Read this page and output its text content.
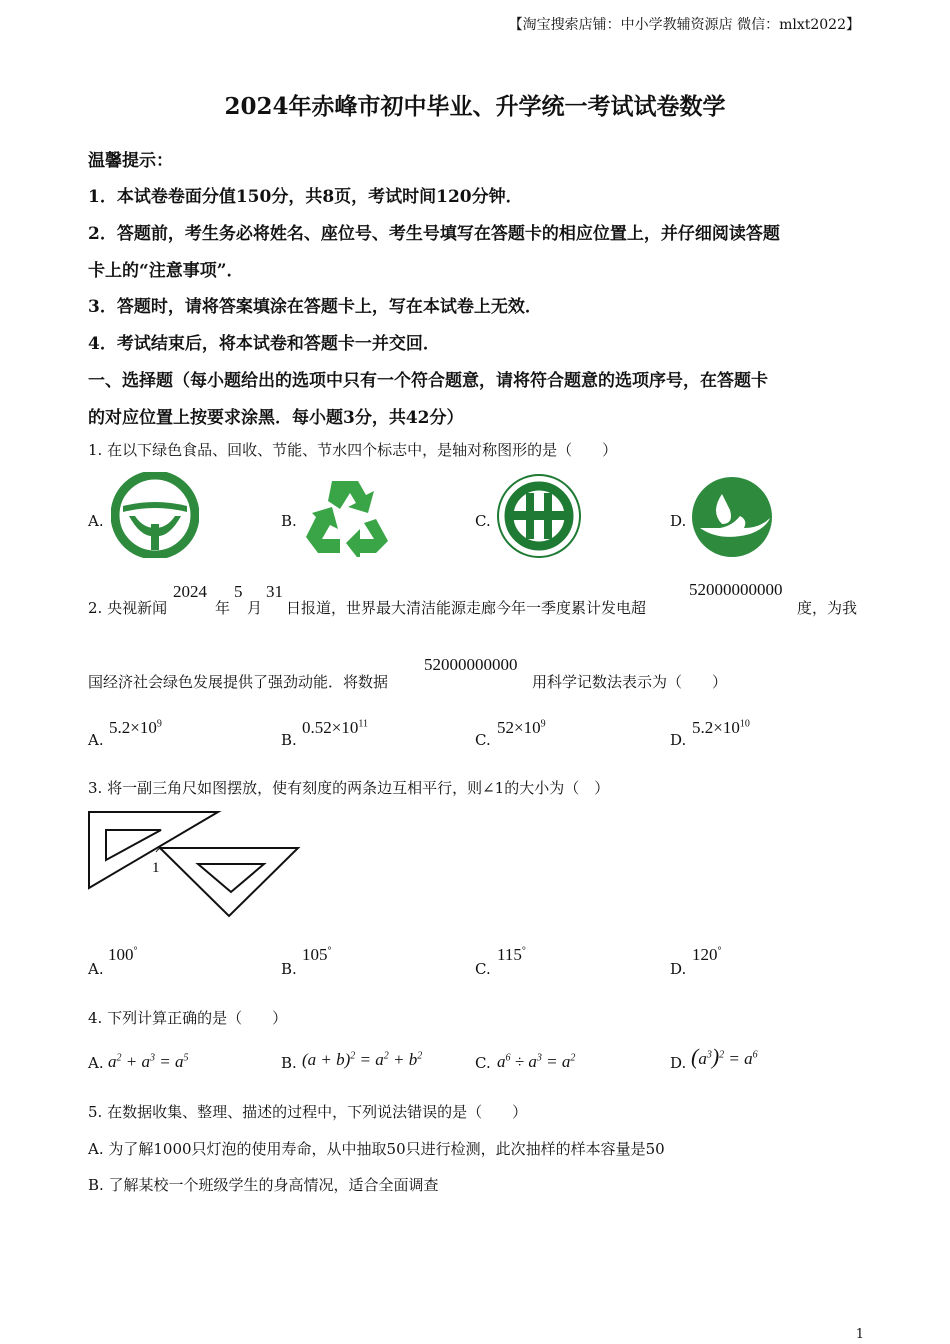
【淘宝搜索店铺：中小学教辅资源店 微信：mlxt2022】
2024年赤峰市初中毕业、升学统一考试试卷数学
温馨提示：
1．本试卷卷面分值150分，共8页，考试时间120分钟．
2．答题前，考生务必将姓名、座位号、考生号填写在答题卡的相应位置上，并仔细阅读答题
卡上的“注意事项”．
3．答题时，请将答案填涂在答题卡上，写在本试卷上无效．
4．考试结束后，将本试卷和答题卡一并交回．
一、选择题（每小题给出的选项中只有一个符合题意，请将符合题意的选项序号，在答题卡
的对应位置上按要求涂黑．每小题3分，共42分）
1. 在以下绿色食品、回收、节能、节水四个标志中，是轴对称图形的是（　　）
A.	B.	C.	D.
2. 央视新闻
2024
年
5
月
31
日报道，世界最大清洁能源走廊今年一季度累计发电超
52000000000
度，为我
国经济社会绿色发展提供了强劲动能．将数据
52000000000
用科学记数法表示为（　　）
A.
$5.2\times 10^9$
B.
$0.52\times 10^{11}$
C.
$52\times 10^9$
D.
$5.2\times 10^{10}$
3. 将一副三角尺如图摆放，使有刻度的两条边互相平行，则∠1的大小为（　）
1
A.
100°
B.
105°
C.
115°
D.
120°
4. 下列计算正确的是（　　）
A. $a^2 + a^3 = a^5$	B. $(a + b)^2 = a^2 + b^2$	C. $a^6 \div a^3 = a^2$	D. $(a^3)^2 = a^6$
5. 在数据收集、整理、描述的过程中，下列说法错误的是（　　）
A. 为了解1000只灯泡的使用寿命，从中抽取50只进行检测，此次抽样的样本容量是50
B. 了解某校一个班级学生的身高情况，适合全面调查
1
